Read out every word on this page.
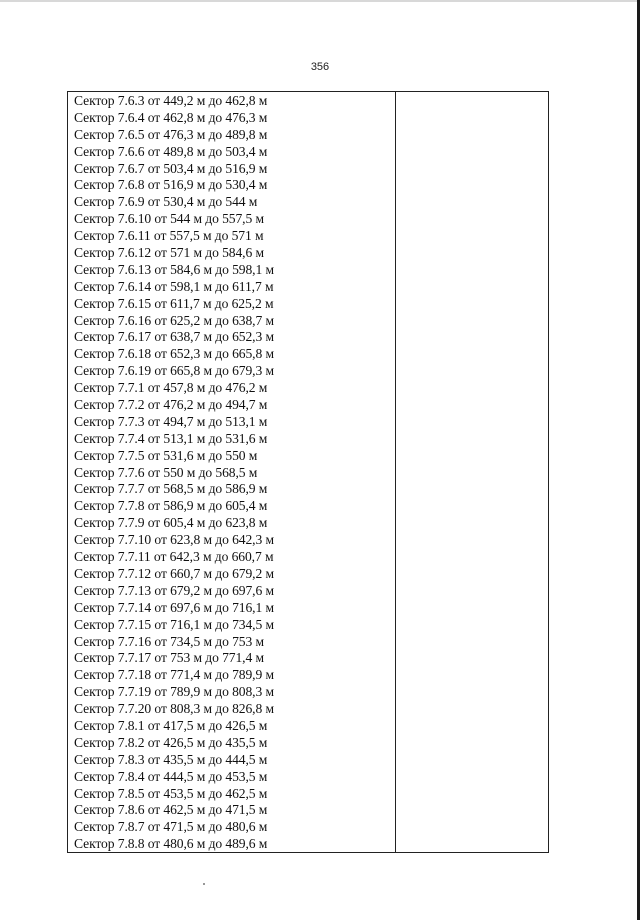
356
Сектор 7.6.3 от 449,2 м до 462,8 м
Сектор 7.6.4 от 462,8 м до 476,3 м
Сектор 7.6.5 от 476,3 м до 489,8 м
Сектор 7.6.6 от 489,8 м до 503,4 м
Сектор 7.6.7 от 503,4 м до 516,9 м
Сектор 7.6.8 от 516,9 м до 530,4 м
Сектор 7.6.9 от 530,4 м до 544 м
Сектор 7.6.10 от 544 м до 557,5 м
Сектор 7.6.11 от 557,5 м до 571 м
Сектор 7.6.12 от 571 м до 584,6 м
Сектор 7.6.13 от 584,6 м до 598,1 м
Сектор 7.6.14 от 598,1 м до 611,7 м
Сектор 7.6.15 от 611,7 м до 625,2 м
Сектор 7.6.16 от 625,2 м до 638,7 м
Сектор 7.6.17 от 638,7 м до 652,3 м
Сектор 7.6.18 от 652,3 м до 665,8 м
Сектор 7.6.19 от 665,8 м до 679,3 м
Сектор 7.7.1 от 457,8 м до 476,2 м
Сектор 7.7.2 от 476,2 м до 494,7 м
Сектор 7.7.3 от 494,7 м до 513,1 м
Сектор 7.7.4 от 513,1 м до 531,6 м
Сектор 7.7.5 от 531,6 м до 550 м
Сектор 7.7.6 от 550 м до 568,5 м
Сектор 7.7.7 от 568,5 м до 586,9 м
Сектор 7.7.8 от 586,9 м до 605,4 м
Сектор 7.7.9 от 605,4 м до 623,8 м
Сектор 7.7.10 от 623,8 м до 642,3 м
Сектор 7.7.11 от 642,3 м до 660,7 м
Сектор 7.7.12 от 660,7 м до 679,2 м
Сектор 7.7.13 от 679,2 м до 697,6 м
Сектор 7.7.14 от 697,6 м до 716,1 м
Сектор 7.7.15 от 716,1 м до 734,5 м
Сектор 7.7.16 от 734,5 м до 753 м
Сектор 7.7.17 от 753 м до 771,4 м
Сектор 7.7.18 от 771,4 м до 789,9 м
Сектор 7.7.19 от 789,9 м до 808,3 м
Сектор 7.7.20 от 808,3 м до 826,8 м
Сектор 7.8.1 от 417,5 м до 426,5 м
Сектор 7.8.2 от 426,5 м до 435,5 м
Сектор 7.8.3 от 435,5 м до 444,5 м
Сектор 7.8.4 от 444,5 м до 453,5 м
Сектор 7.8.5 от 453,5 м до 462,5 м
Сектор 7.8.6 от 462,5 м до 471,5 м
Сектор 7.8.7 от 471,5 м до 480,6 м
Сектор 7.8.8 от 480,6 м до 489,6 м
